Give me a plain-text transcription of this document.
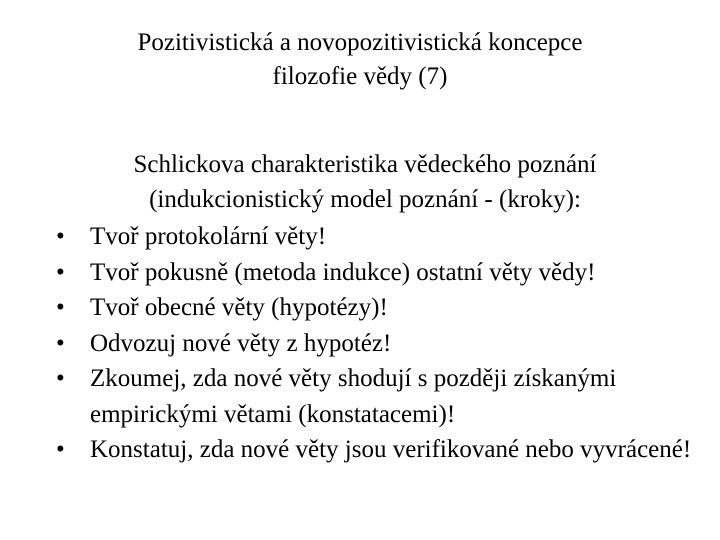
Pozitivistická a novopozitivistická koncepce
filozofie vědy (7)
Schlickova charakteristika vědeckého poznání
(indukcionistický model poznání - (kroky):
• Tvoř protokolární věty!
• Tvoř pokusně (metoda indukce) ostatní věty vědy!
• Tvoř obecné věty (hypotézy)!
• Odvozuj nové věty z hypotéz!
• Zkoumej, zda nové věty shodují s později získanými empirickými větami (konstatacemi)!
• Konstatuj, zda nové věty jsou verifikované nebo vyvrácené!
